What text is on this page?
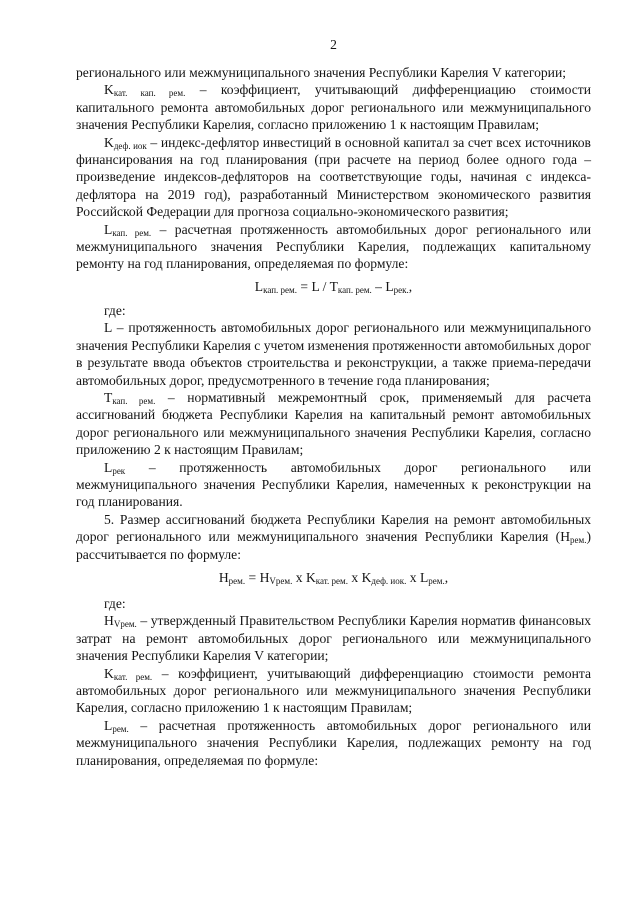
2

регионального или межмуниципального значения Республики Карелия V категории;

$K_{кат. кап. рем.}$ – коэффициент, учитывающий дифференциацию стоимости капитального ремонта автомобильных дорог регионального или межмуниципального значения Республики Карелия, согласно приложению 1 к настоящим Правилам;

$K_{деф. иок}$ – индекс-дефлятор инвестиций в основной капитал за счет всех источников финансирования на год планирования (при расчете на период более одного года – произведение индексов-дефляторов на соответствующие годы, начиная с индекса-дефлятора на 2019 год), разработанный Министерством экономического развития Российской Федерации для прогноза социально-экономического развития;

$L_{кап. рем.}$ – расчетная протяженность автомобильных дорог регионального или межмуниципального значения Республики Карелия, подлежащих капитальному ремонту на год планирования, определяемая по формуле:

$L_{кап. рем.} = L / T_{кап. рем.} - L_{рек.}$,

где:

L – протяженность автомобильных дорог регионального или межмуниципального значения Республики Карелия с учетом изменения протяженности автомобильных дорог в результате ввода объектов строительства и реконструкции, а также приема-передачи автомобильных дорог, предусмотренного в течение года планирования;

$T_{кап. рем.}$ – нормативный межремонтный срок, применяемый для расчета ассигнований бюджета Республики Карелия на капитальный ремонт автомобильных дорог регионального или межмуниципального значения Республики Карелия, согласно приложению 2 к настоящим Правилам;

$L_{рек}$ – протяженность автомобильных дорог регионального или межмуниципального значения Республики Карелия, намеченных к реконструкции на год планирования.

5. Размер ассигнований бюджета Республики Карелия на ремонт автомобильных дорог регионального или межмуниципального значения Республики Карелия $(H_{рем.})$ рассчитывается по формуле:

$H_{рем.} = H_{Vрем.}$ x $K_{кат. рем.}$ x $K_{деф. иок.}$ x $L_{рем.}$,

где:

$H_{Vрем.}$ – утвержденный Правительством Республики Карелия норматив финансовых затрат на ремонт автомобильных дорог регионального или межмуниципального значения Республики Карелия V категории;

$K_{кат. рем.}$ – коэффициент, учитывающий дифференциацию стоимости ремонта автомобильных дорог регионального или межмуниципального значения Республики Карелия, согласно приложению 1 к настоящим Правилам;

$L_{рем.}$ – расчетная протяженность автомобильных дорог регионального или межмуниципального значения Республики Карелия, подлежащих ремонту на год планирования, определяемая по формуле:
